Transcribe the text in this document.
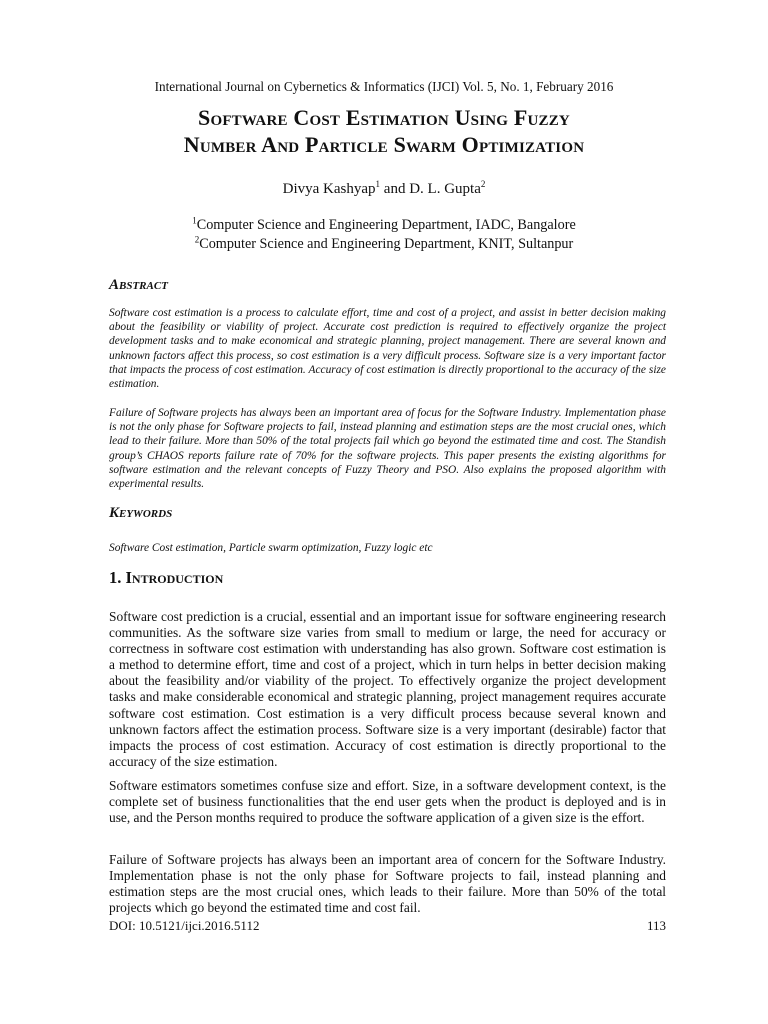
International Journal on Cybernetics & Informatics (IJCI) Vol. 5, No. 1, February 2016
Software Cost Estimation Using Fuzzy
Number And Particle Swarm Optimization
Divya Kashyap$^1$ and D. L. Gupta$^2$
$^1$Computer Science and Engineering Department, IADC, Bangalore
$^2$Computer Science and Engineering Department, KNIT, Sultanpur
Abstract

Software cost estimation is a process to calculate effort, time and cost of a project, and assist in better decision making about the feasibility or viability of project. Accurate cost prediction is required to effectively organize the project development tasks and to make economical and strategic planning, project management. There are several known and unknown factors affect this process, so cost estimation is a very difficult process. Software size is a very important factor that impacts the process of cost estimation. Accuracy of cost estimation is directly proportional to the accuracy of the size estimation.

Failure of Software projects has always been an important area of focus for the Software Industry. Implementation phase is not the only phase for Software projects to fail, instead planning and estimation steps are the most crucial ones, which lead to their failure. More than 50% of the total projects fail which go beyond the estimated time and cost. The Standish group’s CHAOS reports failure rate of 70% for the software projects. This paper presents the existing algorithms for software estimation and the relevant concepts of Fuzzy Theory and PSO. Also explains the proposed algorithm with experimental results.

Keywords

Software Cost estimation, Particle swarm optimization, Fuzzy logic etc

1. Introduction

Software cost prediction is a crucial, essential and an important issue for software engineering research communities. As the software size varies from small to medium or large, the need for accuracy or correctness in software cost estimation with understanding has also grown. Software cost estimation is a method to determine effort, time and cost of a project, which in turn helps in better decision making about the feasibility and/or viability of the project. To effectively organize the project development tasks and make considerable economical and strategic planning, project management requires accurate software cost estimation. Cost estimation is a very difficult process because several known and unknown factors affect the estimation process. Software size is a very important (desirable) factor that impacts the process of cost estimation. Accuracy of cost estimation is directly proportional to the accuracy of the size estimation.

Software estimators sometimes confuse size and effort. Size, in a software development context, is the complete set of business functionalities that the end user gets when the product is deployed and is in use, and the Person months required to produce the software application of a given size is the effort.

Failure of Software projects has always been an important area of concern for the Software Industry. Implementation phase is not the only phase for Software projects to fail, instead planning and estimation steps are the most crucial ones, which leads to their failure. More than 50% of the total projects which go beyond the estimated time and cost fail.

DOI: 10.5121/ijci.2016.5112	113
